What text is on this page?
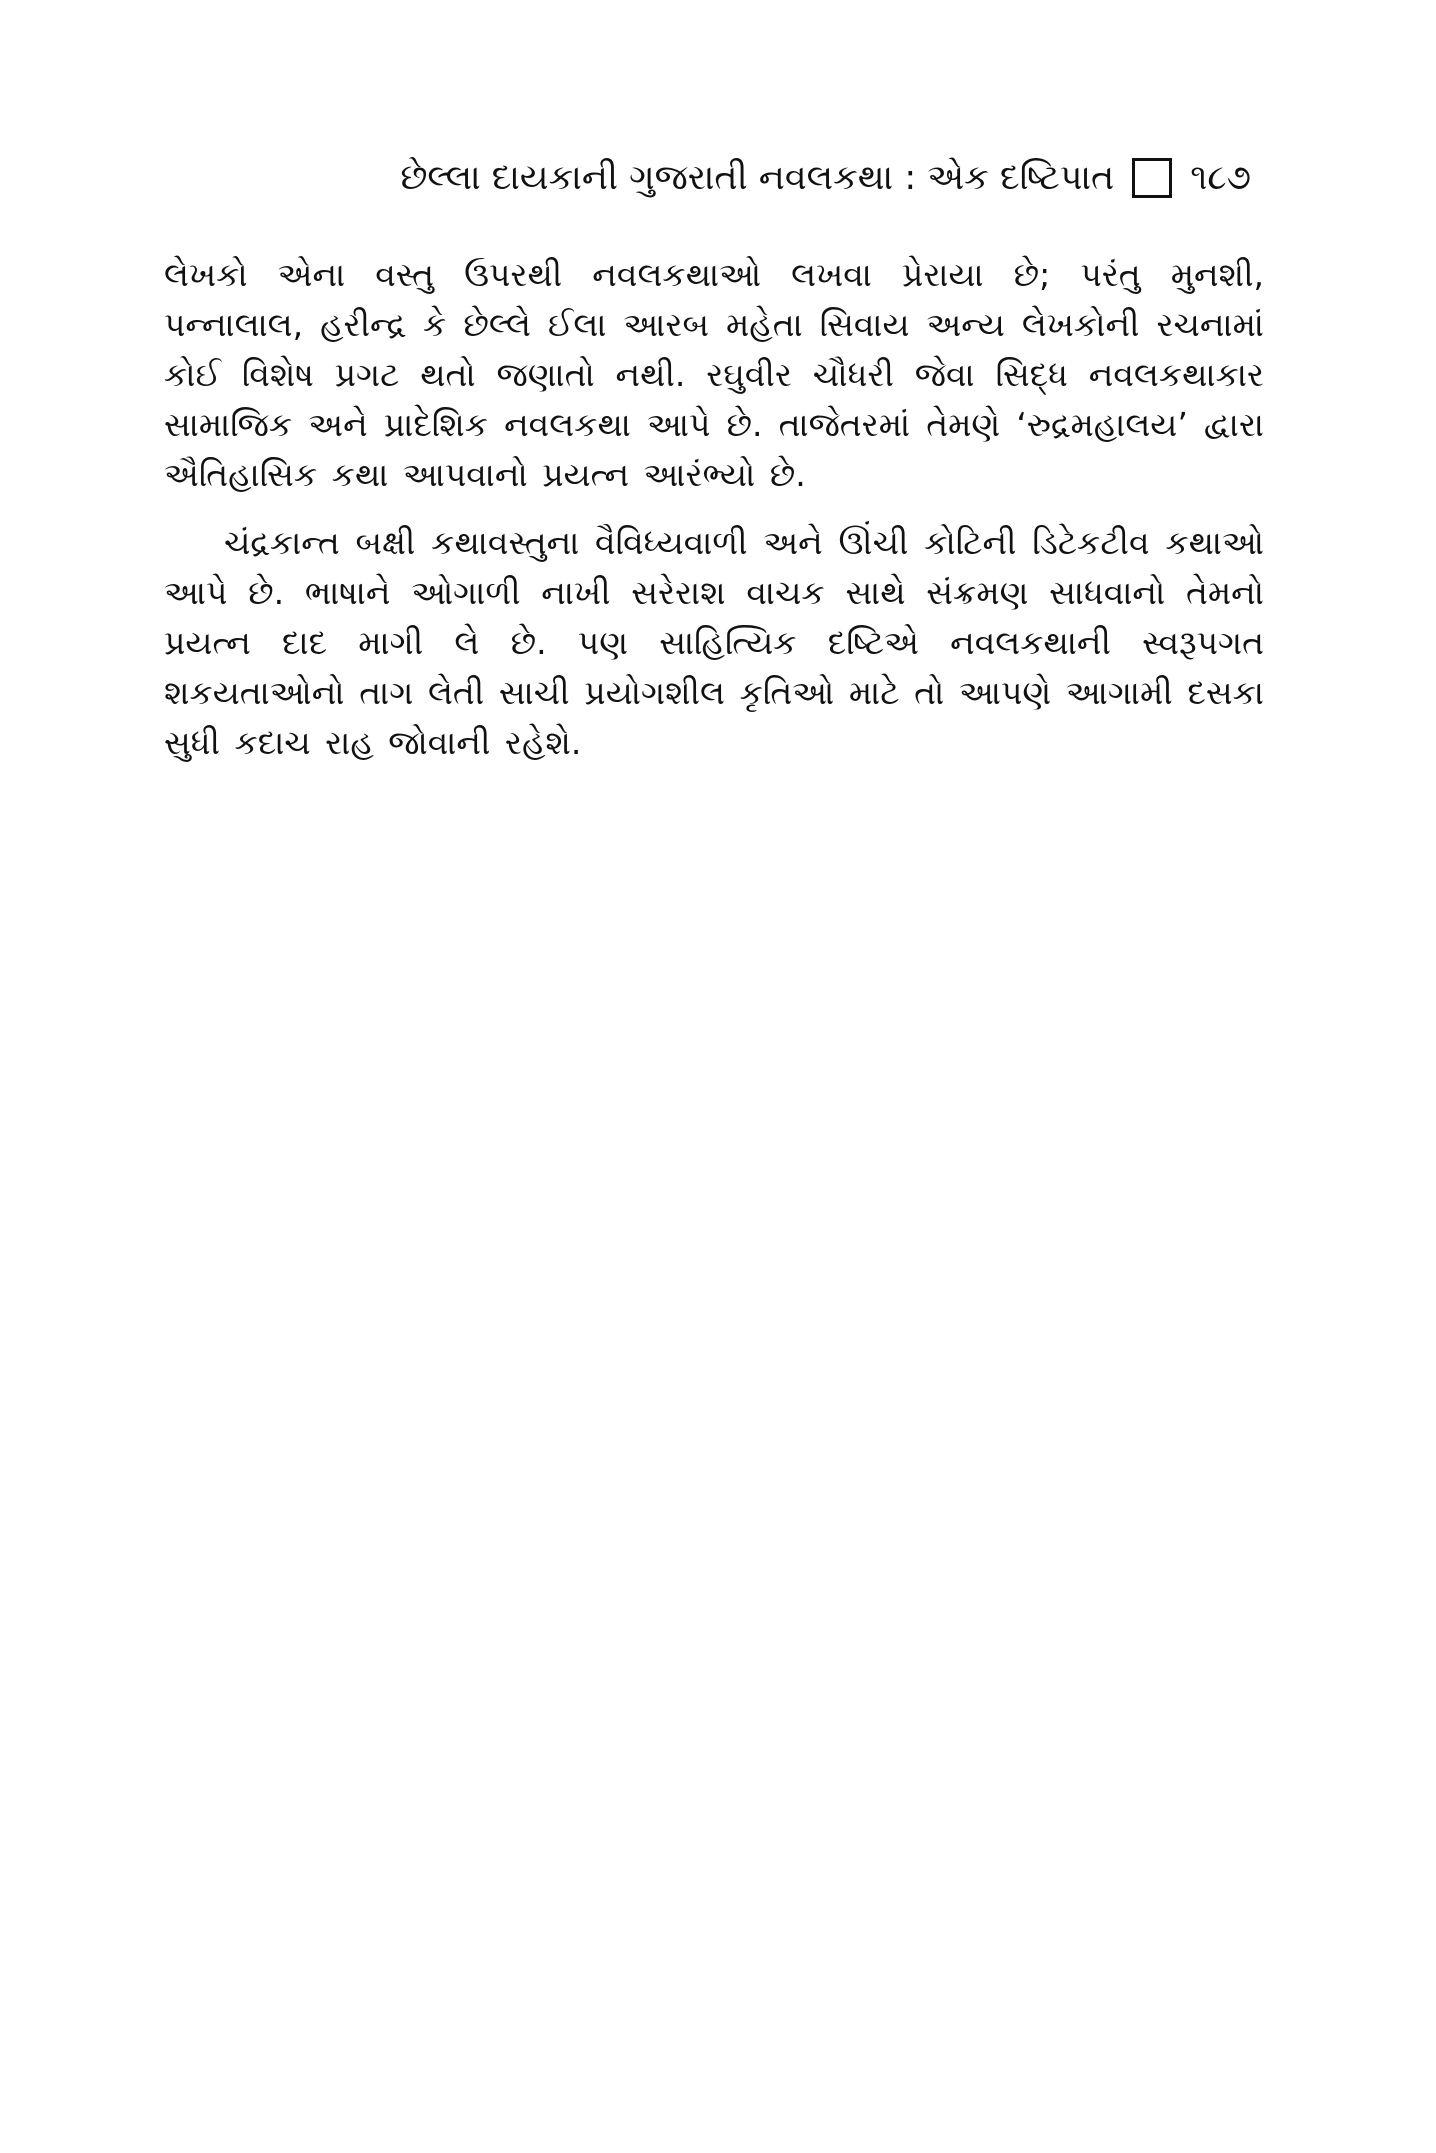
છેલ્લા દાયકાની ગુજરાતી નવલકથા : એક દષ્ટિપાત ૧૮૭

લેખકો એના વસ્તુ ઉપરથી નવલકથાઓ લખવા પ્રેરાયા છે; પરંતુ મુનશી, પન્નાલાલ, હરીન્દ્ર કે છેલ્લે ઈલા આરબ મહેતા સિવાય અન્ય લેખકોની રચનામાં કોઈ વિશેષ પ્રગટ થતો જણાતો નથી. રઘુવીર ચૌધરી જેવા સિદ્ધ નવલકથાકાર સામાજિક અને પ્રાદેશિક નવલકથા આપે છે. તાજેતરમાં તેમણે ‘રુદ્રમહાલય’ દ્વારા ઐતિહાસિક કથા આપવાનો પ્રયત્ન આરંભ્યો છે.

ચંદ્રકાન્ત બક્ષી કથાવસ્તુના વૈવિધ્યવાળી અને ઊંચી કોટિની ડિટેકટીવ કથાઓ આપે છે. ભાષાને ઓગાળી નાખી સરેરાશ વાચક સાથે સંક્રમણ સાધવાનો તેમનો પ્રયત્ન દાદ માગી લે છે. પણ સાહિત્યિક દષ્ટિએ નવલકથાની સ્વરૂપગત શકયતાઓનો તાગ લેતી સાચી પ્રયોગશીલ કૃતિઓ માટે તો આપણે આગામી દસકા સુધી કદાચ રાહ જોવાની રહેશે.
